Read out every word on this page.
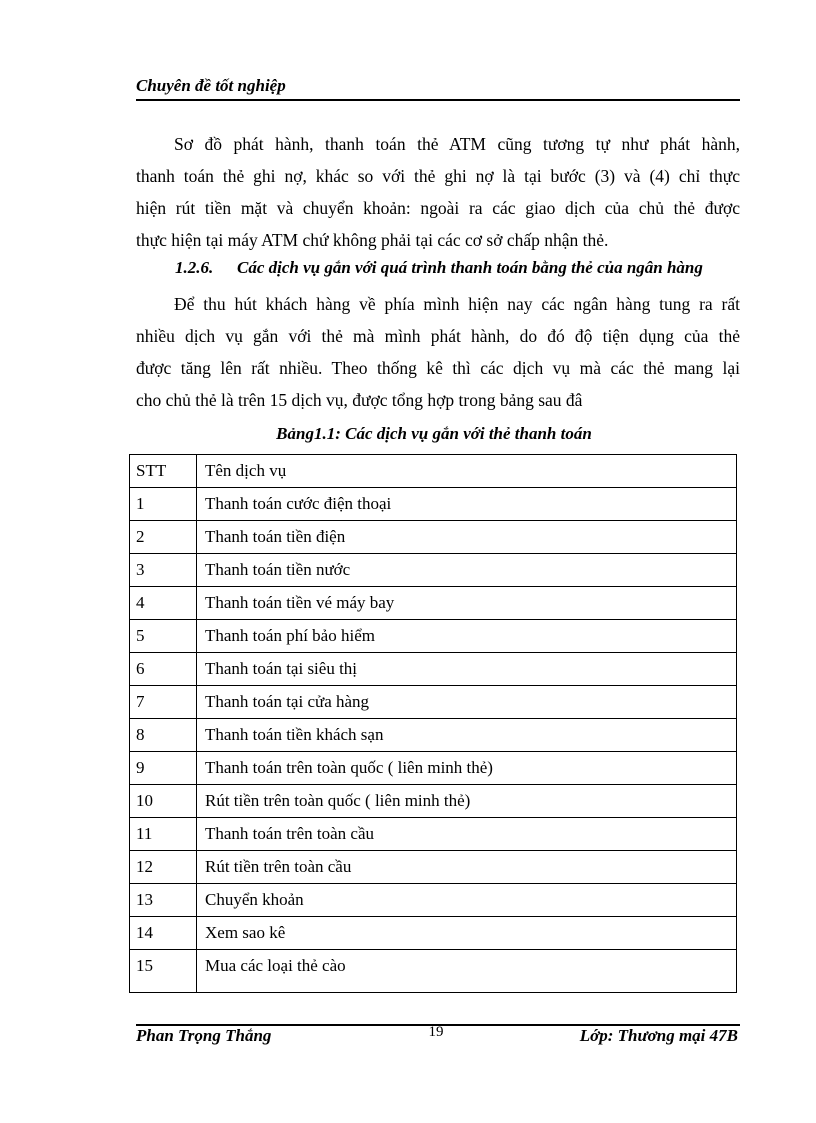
Chuyên đề tốt nghiệp
Sơ đồ phát hành, thanh toán thẻ ATM cũng tương tự như phát hành,
thanh toán thẻ ghi nợ, khác so với thẻ ghi nợ là tại bước (3) và (4) chỉ thực
hiện rút tiền mặt và chuyển khoản: ngoài ra các giao dịch của chủ thẻ được
thực hiện tại máy ATM chứ không phải tại các cơ sở chấp nhận thẻ.
1.2.6. Các dịch vụ gắn với quá trình thanh toán bằng thẻ của ngân hàng
Để thu hút khách hàng về phía mình hiện nay các ngân hàng tung ra rất
nhiều dịch vụ gắn với thẻ mà mình phát hành, do đó độ tiện dụng của thẻ
được tăng lên rất nhiều. Theo thống kê thì các dịch vụ mà các thẻ mang lại
cho chủ thẻ là trên 15 dịch vụ, được tổng hợp trong bảng sau đâ
Bảng1.1: Các dịch vụ gắn với thẻ thanh toán
STT	Tên dịch vụ
1	Thanh toán cước điện thoại
2	Thanh toán tiền điện
3	Thanh toán tiền nước
4	Thanh toán tiền vé máy bay
5	Thanh toán phí bảo hiểm
6	Thanh toán tại siêu thị
7	Thanh toán tại cửa hàng
8	Thanh toán tiền khách sạn
9	Thanh toán trên toàn quốc ( liên minh thẻ)
10	Rút tiền trên toàn quốc ( liên minh thẻ)
11	Thanh toán trên toàn cầu
12	Rút tiền trên toàn cầu
13	Chuyển khoản
14	Xem sao kê
15	Mua các loại thẻ cào
Phan Trọng Thắng	19	Lớp: Thương mại 47B
